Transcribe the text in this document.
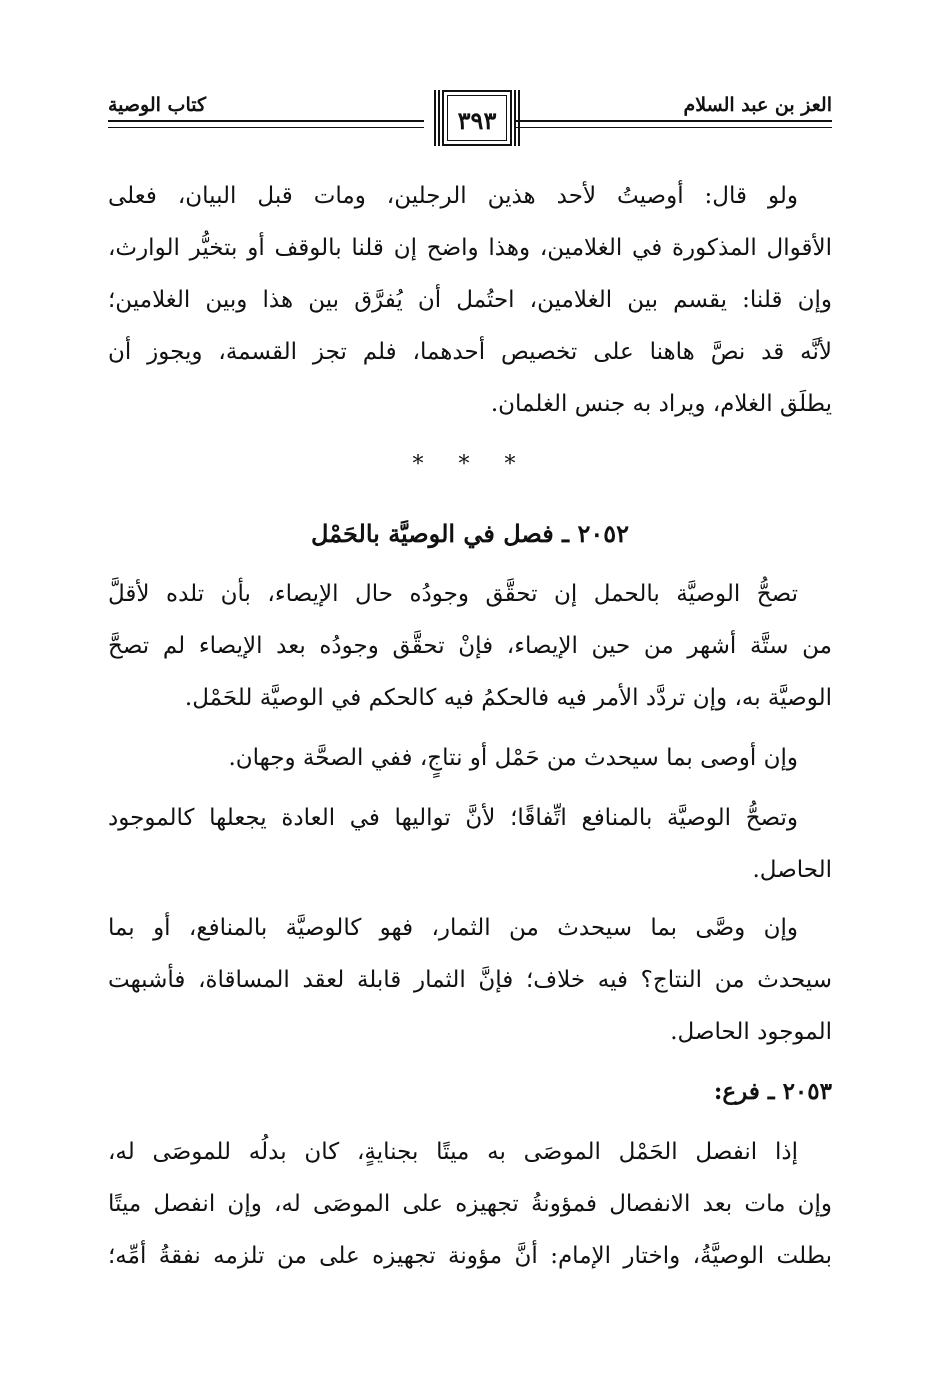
العز بن عبد السلام
٣٩٣
كتاب الوصية
ولو قال: أوصيتُ لأحد هذين الرجلين، ومات قبل البيان، فعلى
الأقوال المذكورة في الغلامين، وهذا واضح إن قلنا بالوقف أو بتخيُّر الوارث،
وإن قلنا: يقسم بين الغلامين، احتُمل أن يُفرَّق بين هذا وبين الغلامين؛
لأنَّه قد نصَّ هاهنا على تخصيص أحدهما، فلم تجز القسمة، ويجوز أن
يطلَق الغلام، ويراد به جنس الغلمان.
* * *
٢٠٥٢ ـ فصل في الوصيَّة بالحَمْل
تصحُّ الوصيَّة بالحمل إن تحقَّق وجودُه حال الإيصاء، بأن تلده لأقلَّ
من ستَّة أشهر من حين الإيصاء، فإنْ تحقَّق وجودُه بعد الإيصاء لم تصحَّ
الوصيَّة به، وإن تردَّد الأمر فيه فالحكمُ فيه كالحكم في الوصيَّة للحَمْل.
وإن أوصى بما سيحدث من حَمْل أو نتاجٍ، ففي الصحَّة وجهان.
وتصحُّ الوصيَّة بالمنافع اتِّفاقًا؛ لأنَّ تواليها في العادة يجعلها كالموجود
الحاصل.
وإن وصَّى بما سيحدث من الثمار، فهو كالوصيَّة بالمنافع، أو بما
سيحدث من النتاج؟ فيه خلاف؛ فإنَّ الثمار قابلة لعقد المساقاة، فأشبهت
الموجود الحاصل.
٢٠٥٣ ـ فرع:
إذا انفصل الحَمْل الموصَى به ميتًا بجنايةٍ، كان بدلُه للموصَى له،
وإن مات بعد الانفصال فمؤونةُ تجهيزه على الموصَى له، وإن انفصل ميتًا
بطلت الوصيَّةُ، واختار الإمام: أنَّ مؤونة تجهيزه على من تلزمه نفقةُ أمِّه؛
